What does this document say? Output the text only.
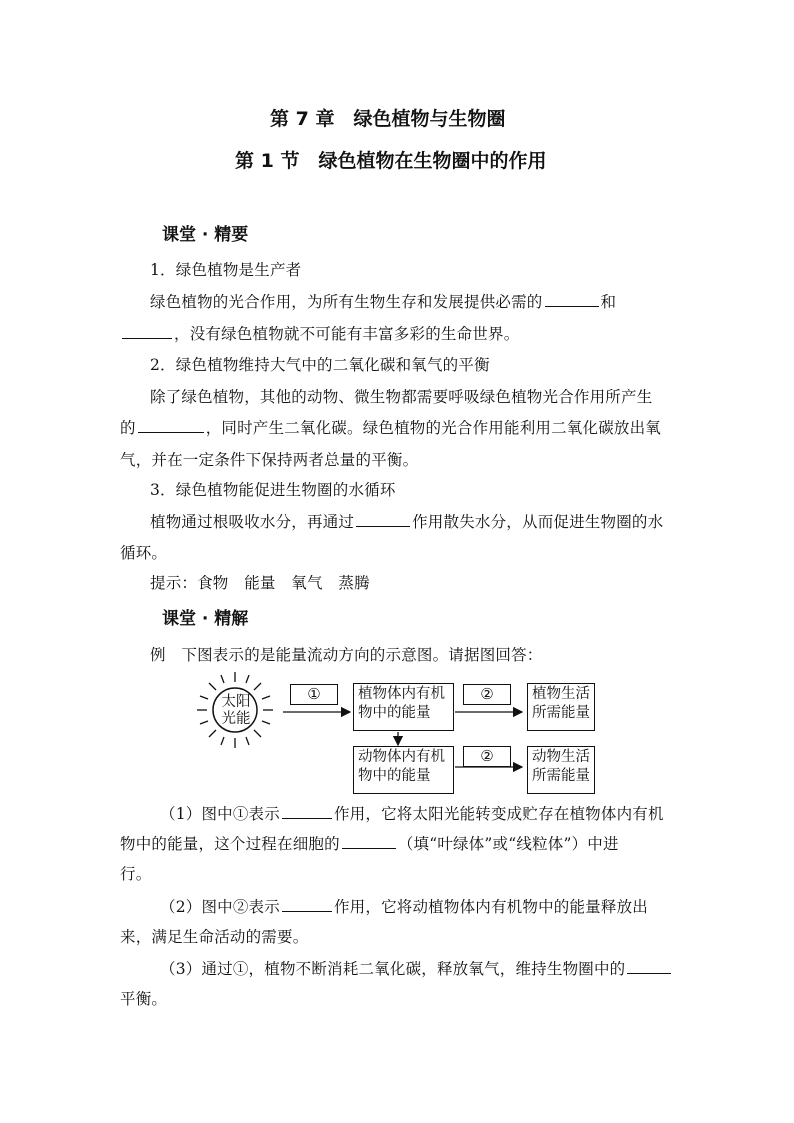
第 7 章　绿色植物与生物圈
第 1 节　绿色植物在生物圈中的作用
课堂 · 精要
1．绿色植物是生产者
绿色植物的光合作用，为所有生物生存和发展提供必需的	和
，没有绿色植物就不可能有丰富多彩的生命世界。
2．绿色植物维持大气中的二氧化碳和氧气的平衡
除了绿色植物，其他的动物、微生物都需要呼吸绿色植物光合作用所产生
的	，同时产生二氧化碳。绿色植物的光合作用能利用二氧化碳放出氧
气，并在一定条件下保持两者总量的平衡。
3．绿色植物能促进生物圈的水循环
植物通过根吸收水分，再通过	作用散失水分，从而促进生物圈的水
循环。
提示：食物　能量　氧气　蒸腾
课堂 · 精解
例　下图表示的是能量流动方向的示意图。请据图回答：
太阳
光能
①	②
②
植物体内有机物中的能量
植物生活所需能量
动物体内有机物中的能量
动物生活所需能量
（1）图中①表示	作用，它将太阳光能转变成贮存在植物体内有机
物中的能量，这个过程在细胞的	（填“叶绿体”或“线粒体”）中进
行。
（2）图中②表示	作用，它将动植物体内有机物中的能量释放出
来，满足生命活动的需要。
（3）通过①，植物不断消耗二氧化碳，释放氧气，维持生物圈中的
平衡。
